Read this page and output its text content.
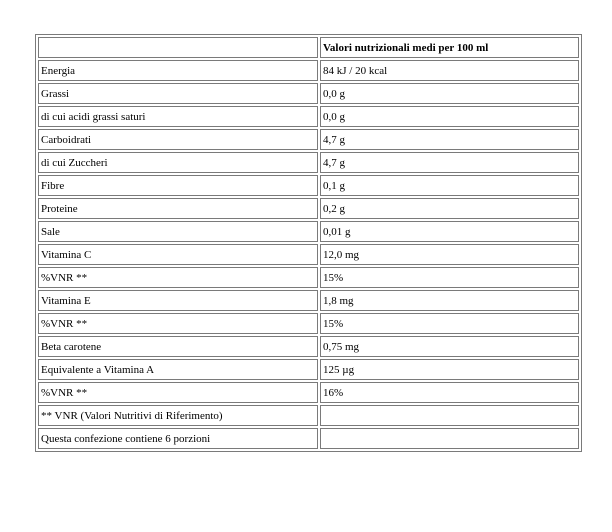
	Valori nutrizionali medi per 100 ml
Energia	84 kJ / 20 kcal
Grassi	0,0 g
di cui acidi grassi saturi	0,0 g
Carboidrati	4,7 g
di cui Zuccheri	4,7 g
Fibre	0,1 g
Proteine	0,2 g
Sale	0,01 g
Vitamina C	12,0 mg
%VNR **	15%
Vitamina E	1,8 mg
%VNR **	15%
Beta carotene	0,75 mg
Equivalente a Vitamina A	125 µg
%VNR **	16%
** VNR (Valori Nutritivi di Riferimento)	
Questa confezione contiene 6 porzioni	
